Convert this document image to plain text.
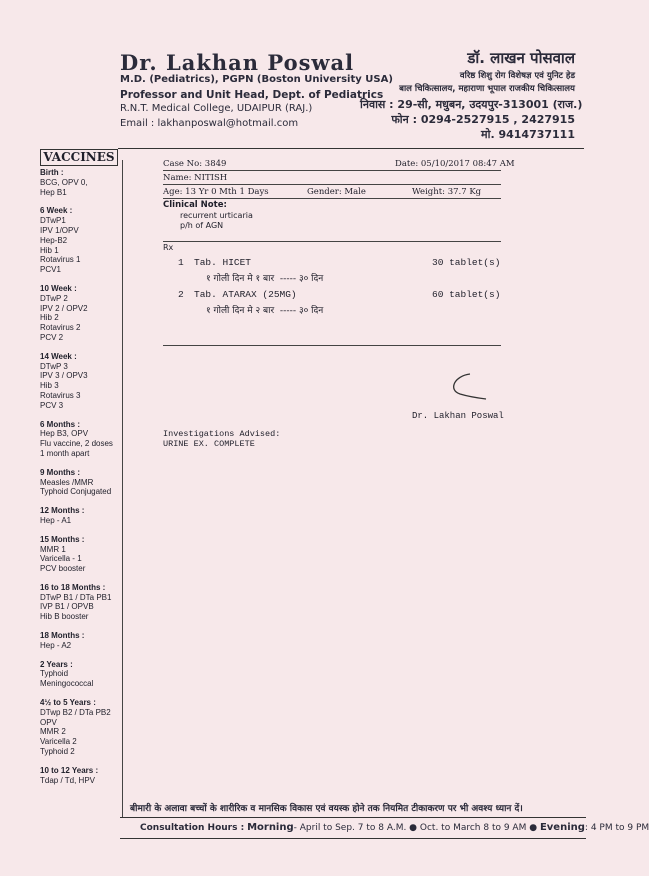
Dr. Lakhan Poswal
M.D. (Pediatrics), PGPN (Boston University USA)
Professor and Unit Head, Dept. of Pediatrics
R.N.T. Medical College, UDAIPUR (RAJ.)
Email : lakhanposwal@hotmail.com
डॉ. लाखन पोसवाल
वरिष्ठ शिशु रोग विशेषज्ञ एवं युनिट हेड
बाल चिकित्सालय, महाराणा भूपाल राजकीय चिकित्सालय
निवास : 29-सी, मधुबन, उदयपुर-313001 (राज.)
फोन : 0294-2527915 , 2427915
मो. 9414737111
VACCINES
Birth :
BCG, OPV 0,
Hep B1
6 Week :
DTwP1
IPV 1/OPV
Hep-B2
Hib 1
Rotavirus 1
PCV1
10 Week :
DTwP 2
IPV 2 / OPV2
Hib 2
Rotavirus 2
PCV 2
14 Week :
DTwP 3
IPV 3 / OPV3
Hib 3
Rotavirus 3
PCV 3
6 Months :
Hep B3, OPV
Flu vaccine, 2 doses
1 month apart
9 Months :
Measles /MMR
Typhoid Conjugated
12 Months :
Hep - A1
15 Months :
MMR 1
Varicella - 1
PCV booster
16 to 18 Months :
DTwP B1 / DTa PB1
IVP B1 / OPVB
Hib B booster
18 Months :
Hep - A2
2 Years :
Typhoid
Meningococcal
4½ to 5 Years :
DTwp B2 / DTa PB2
OPV
MMR 2
Varicella 2
Typhoid 2
10 to 12 Years :
Tdap / Td, HPV
Case No: 3849	Date: 05/10/2017 08:47 AM
Name: NITISH
Age: 13 Yr 0 Mth 1 Days	Gender: Male	Weight: 37.7 Kg
Clinical Note:
recurrent urticaria
p/h of AGN
Rx
1 Tab. HICET	30 tablet(s)
१ गोली दिन मे १ बार  ----- ३० दिन
2 Tab. ATARAX (25MG)	60 tablet(s)
१ गोली दिन मे २ बार  ----- ३० दिन
Dr. Lakhan Poswal
Investigations Advised:
URINE EX. COMPLETE
बीमारी के अलावा बच्चों के शारीरिक व मानसिक विकास एवं वयस्क होने तक नियमित टीकाकरण पर भी अवश्य ध्यान दें।
Consultation Hours : Morning- April to Sep. 7 to 8 A.M. ● Oct. to March 8 to 9 AM ● Evening: 4 PM to 9 PM
